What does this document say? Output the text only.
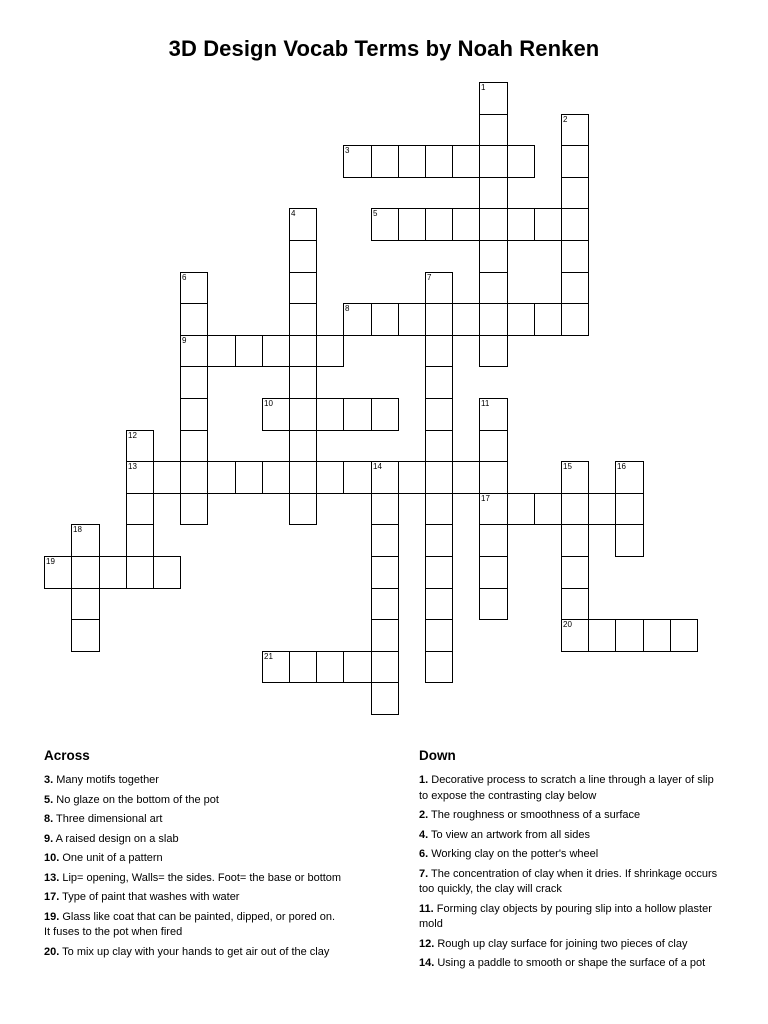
3D Design Vocab Terms by Noah Renken
1
2
3
4	5
6	7
8
9
10	11
12
13	14	15	16
17
18
19
20
21
Across
3. Many motifs together
5. No glaze on the bottom of the pot
8. Three dimensional art
9. A raised design on a slab
10. One unit of a pattern
13. Lip= opening, Walls= the sides. Foot= the base or bottom
17. Type of paint that washes with water
19. Glass like coat that can be painted, dipped, or pored on. It fuses to the pot when fired
20. To mix up clay with your hands to get air out of the clay
Down
1. Decorative process to scratch a line through a layer of slip to expose the contrasting clay below
2. The roughness or smoothness of a surface
4. To view an artwork from all sides
6. Working clay on the potter's wheel
7. The concentration of clay when it dries. If shrinkage occurs too quickly, the clay will crack
11. Forming clay objects by pouring slip into a hollow plaster mold
12. Rough up clay surface for joining two pieces of clay
14. Using a paddle to smooth or shape the surface of a pot
